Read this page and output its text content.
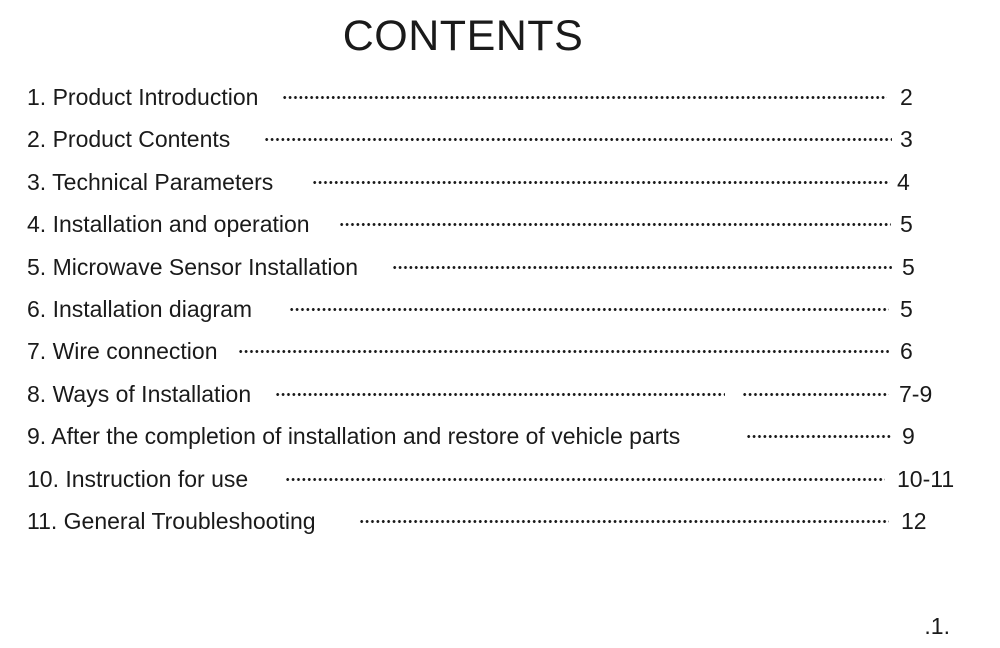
CONTENTS
1. Product Introduction	2
2. Product Contents	3
3. Technical Parameters	4
4. Installation and operation	5
5. Microwave Sensor Installation	5
6. Installation diagram	5
7. Wire connection	6
8. Ways of Installation	7-9
9. After the completion of installation and restore of vehicle parts	9
10. Instruction for use	10-11
11. General Troubleshooting	12
.1.
